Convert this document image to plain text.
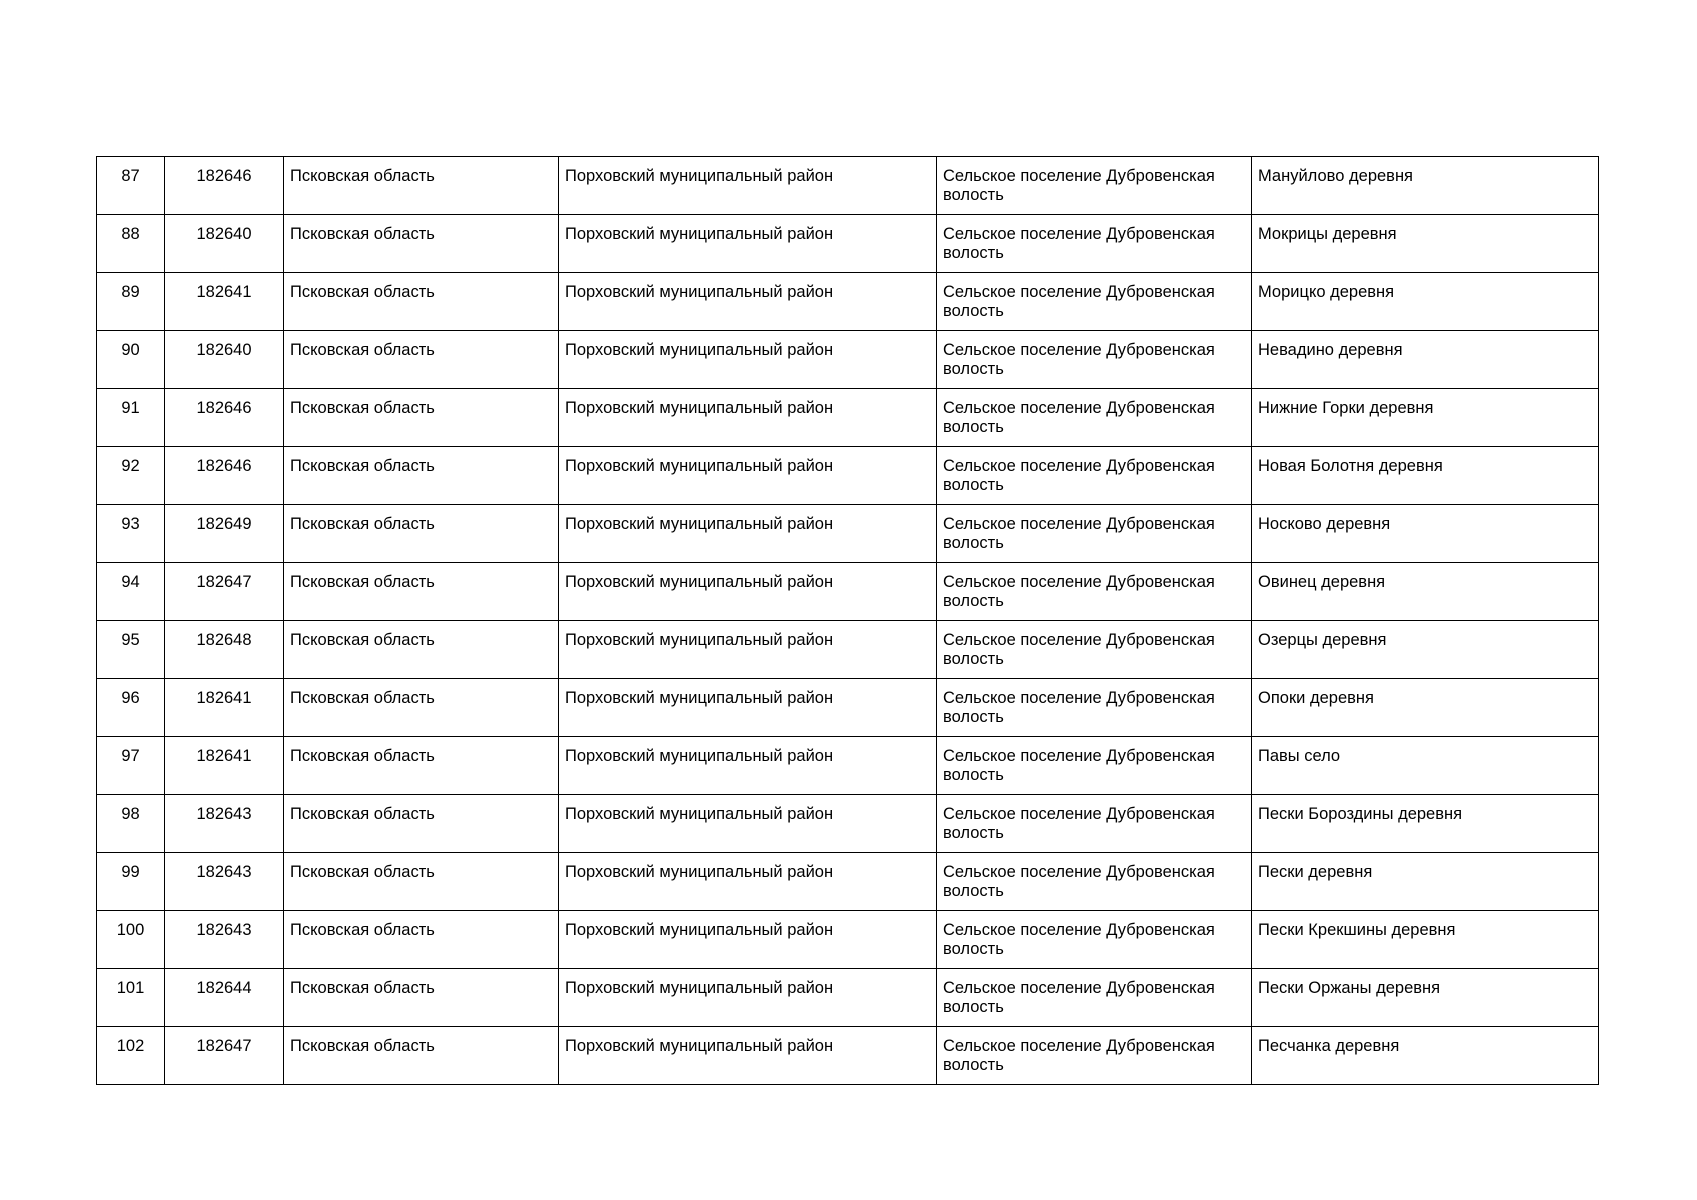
87	182646	Псковская область	Порховский муниципальный район	Сельское поселение Дубровенская волость	Мануйлово деревня
88	182640	Псковская область	Порховский муниципальный район	Сельское поселение Дубровенская волость	Мокрицы деревня
89	182641	Псковская область	Порховский муниципальный район	Сельское поселение Дубровенская волость	Морицко деревня
90	182640	Псковская область	Порховский муниципальный район	Сельское поселение Дубровенская волость	Невадино деревня
91	182646	Псковская область	Порховский муниципальный район	Сельское поселение Дубровенская волость	Нижние Горки деревня
92	182646	Псковская область	Порховский муниципальный район	Сельское поселение Дубровенская волость	Новая Болотня деревня
93	182649	Псковская область	Порховский муниципальный район	Сельское поселение Дубровенская волость	Носково деревня
94	182647	Псковская область	Порховский муниципальный район	Сельское поселение Дубровенская волость	Овинец деревня
95	182648	Псковская область	Порховский муниципальный район	Сельское поселение Дубровенская волость	Озерцы деревня
96	182641	Псковская область	Порховский муниципальный район	Сельское поселение Дубровенская волость	Опоки деревня
97	182641	Псковская область	Порховский муниципальный район	Сельское поселение Дубровенская волость	Павы село
98	182643	Псковская область	Порховский муниципальный район	Сельское поселение Дубровенская волость	Пески Бороздины деревня
99	182643	Псковская область	Порховский муниципальный район	Сельское поселение Дубровенская волость	Пески деревня
100	182643	Псковская область	Порховский муниципальный район	Сельское поселение Дубровенская волость	Пески Крекшины деревня
101	182644	Псковская область	Порховский муниципальный район	Сельское поселение Дубровенская волость	Пески Оржаны деревня
102	182647	Псковская область	Порховский муниципальный район	Сельское поселение Дубровенская волость	Песчанка деревня
